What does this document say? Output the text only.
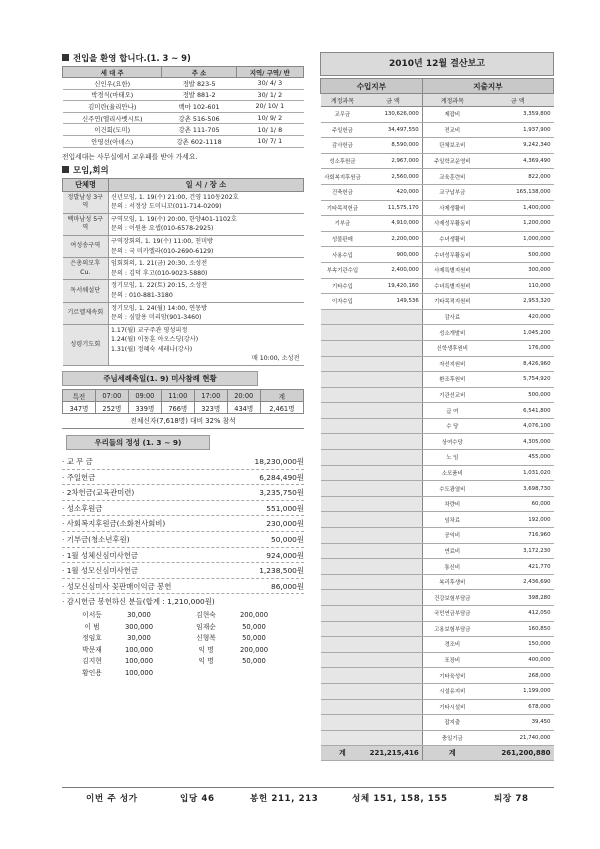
전입을 환영 합니다.(1. 3 ~ 9)
세 대 주	주 소	지역/ 구역/ 반
신인우(요한)	정발 823-5	30/ 4/ 3
박경식(마태오)	정발 881-2	30/ 1/ 2
김미란(율리안나)	백마 102-601	20/ 10/ 1
신주연(엘리사벳시트)	강촌 516-506	10/ 9/ 2
이건회(도미)	강촌 111-705	10/ 1/ 8
안영선(아녜스)	강촌 602-1118	10/ 7/ 1
전입세대는 사무실에서 교우패를 받아 가세요.
모임,회의
단체명	일 시 / 장 소
정발남성 3구역	신년모임, 1. 19(수) 21:00, 건영 110동202호
문의 : 서정상 도미니꼬(011-714-0209)

백마남성 5구역	구역모임, 1. 19(수) 20:00, 한양401-1102호
문의 : 이원용 요셉(010-6578-2925)

여성송구역	구역장회의, 1. 19(수) 11:00, 친미방
문의 : 국 미카엘라(010-2690-6129)

은총의모후 Cu.	임회회의, 1. 21(금) 20:30, 소성전
문의 : 김덕 후고(010-9023-5880)

독서쉐설단	정기모임, 1. 22(토) 20:15, 소성전
문의 : 010-881-3180

기르멜제속회	정기모임, 1. 24(월) 14:00, 연몽방
문의 : 심말용 미리암(901-3460)

성령기도회	1.17(월) 교구주관 영성피정
1.24(월) 이동훈 아오스딩(강사)
1.31(월) 정혜숙 세레나(강사)
매 10:00, 소성전
주님세례축일(1. 9) 미사참례 현황
특전	07:00	09:00	11:00	17:00	20:00	계
347명	252명	339명	766명	323명	434명	2,461명
전체신자(7,618명) 대비 32% 참석
우리들의 정성 (1. 3 ~ 9)
· 교 무 금	18,230,000원
· 주일헌금	6,284,490원
· 2차헌금(교육관미련)	3,235,750원
· 성소후원금	551,000원
· 사회복지후원금(소화천사회비)	230,000원
· 기부금(청소년후원)	50,000원
· 1월 성체신심미사헌금	924,000원
· 1월 성모신심미사헌금	1,238,500원
· 성모신심미사 꽃판매이익금 봉헌	86,000원
· 감시헌금 봉헌하신 분들(합계 : 1,210,000원)
이서등	30,000	김현숙	200,000
이 범	300,000	임재순	50,000
정임호	30,000	신형복	50,000
박문재	100,000	익 명	200,000
김지현	100,000	익 명	50,000
황인용	100,000
2010년 12월 결산보고
수입지부		지출지부	
계정과목	금 액	계정과목	금 액
교무금	130,626,000	제잡비	3,359,800
주일헌금	34,497,550	전교비	1,937,900
감사헌금	8,590,000	단체보조비	9,242,340
성소후원금	2,967,000	주일학교운영비	4,369,490
사회복지후원금	2,560,000	교육훈련비	822,000
건축헌금	420,000	교구납부금	165,138,000
기타목적헌금	11,575,170	사제생활비	1,400,000
기부금	4,910,000	사제성무활동비	1,200,000
성물판매	2,200,000	수녀생활비	1,000,000
사용수입	900,000	수녀성무활동비	500,000
부속기관수입	2,400,000	사제특별지원비	300,000
기타수입	19,420,160	수녀특별지원비	110,000
이자수입	149,536	기타목적지원비	2,953,320
		감사료	420,000
		성소개발비	1,045,200
		신학생후원비	176,000
		자선지원비	8,426,960
		환조후원비	5,754,920
		기관선교비	500,000
		급 여	6,541,800
		수 당	4,076,100
		상여수당	4,305,000
		노 임	455,000
		소모품비	1,031,020
		수도광열비	3,698,730
		차량비	60,000
		임차료	192,000
		공익비	716,960
		연료비	3,172,230
		통신비	421,770
		복리후생비	2,436,690
		건강보험부담금	398,280
		국민연금부담금	412,050
		고용보험부담금	160,850
		경조비	150,000
		포장비	400,000
		기타육성비	268,000
		시설유지비	1,199,000
		기타시설비	678,000
		잡지출	39,450
		충일기금	21,740,000
계	221,215,416	계	261,200,880
이번 주 성가	입당 46	봉헌 211, 213	성체 151, 158, 155	퇴장 78
